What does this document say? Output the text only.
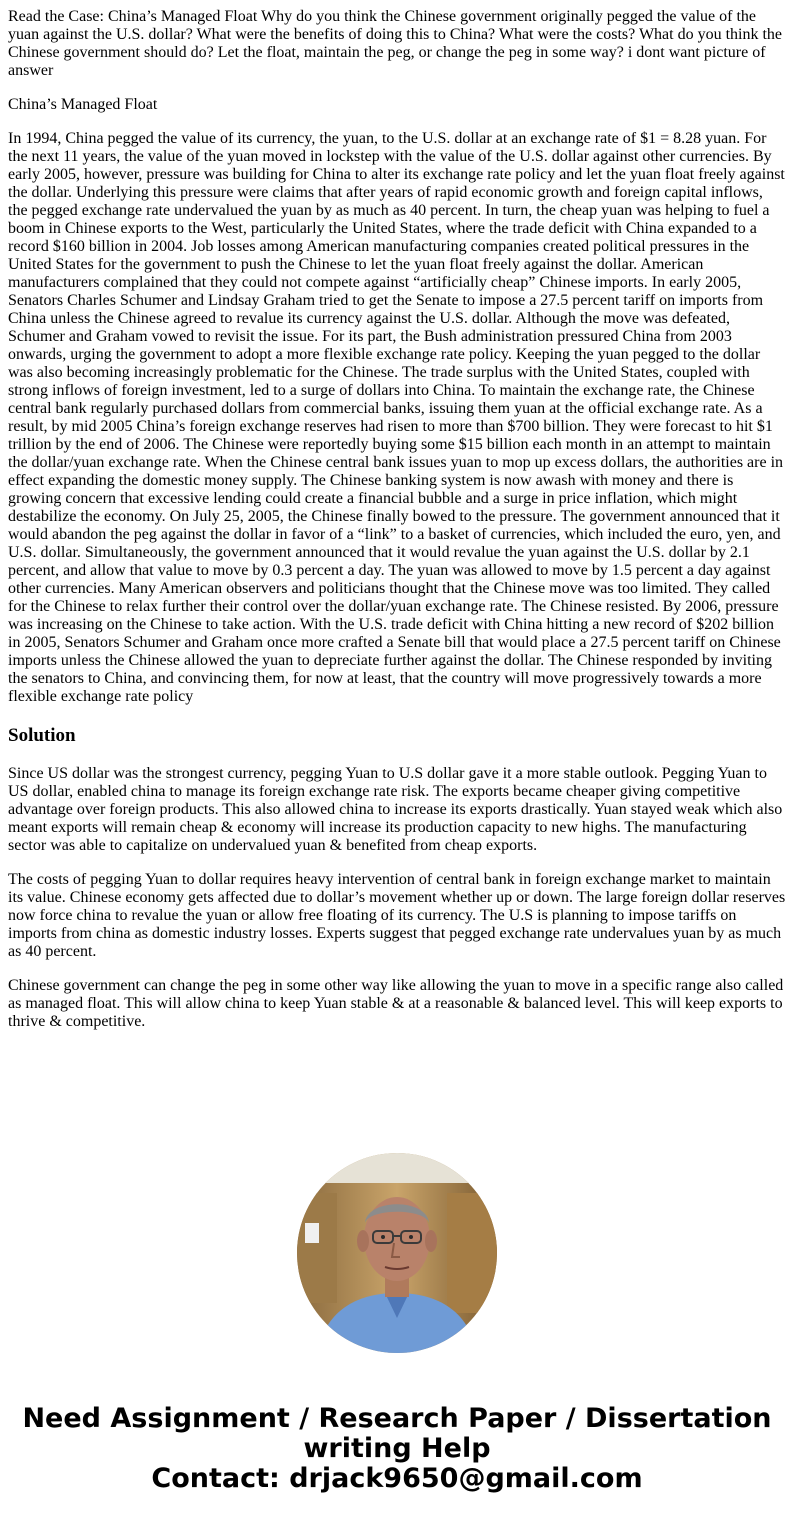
Read the Case: China’s Managed Float Why do you think the Chinese government originally pegged the value of the yuan against the U.S. dollar? What were the benefits of doing this to China? What were the costs? What do you think the Chinese government should do? Let the float, maintain the peg, or change the peg in some way? i dont want picture of answer

China’s Managed Float

In 1994, China pegged the value of its currency, the yuan, to the U.S. dollar at an exchange rate of $1 = 8.28 yuan. For the next 11 years, the value of the yuan moved in lockstep with the value of the U.S. dollar against other currencies. By early 2005, however, pressure was building for China to alter its exchange rate policy and let the yuan float freely against the dollar. Underlying this pressure were claims that after years of rapid economic growth and foreign capital inflows, the pegged exchange rate undervalued the yuan by as much as 40 percent. In turn, the cheap yuan was helping to fuel a boom in Chinese exports to the West, particularly the United States, where the trade deficit with China expanded to a record $160 billion in 2004. Job losses among American manufacturing companies created political pressures in the United States for the government to push the Chinese to let the yuan float freely against the dollar. American manufacturers complained that they could not compete against “artificially cheap” Chinese imports. In early 2005, Senators Charles Schumer and Lindsay Graham tried to get the Senate to impose a 27.5 percent tariff on imports from China unless the Chinese agreed to revalue its currency against the U.S. dollar. Although the move was defeated, Schumer and Graham vowed to revisit the issue. For its part, the Bush administration pressured China from 2003 onwards, urging the government to adopt a more flexible exchange rate policy. Keeping the yuan pegged to the dollar was also becoming increasingly problematic for the Chinese. The trade surplus with the United States, coupled with strong inflows of foreign investment, led to a surge of dollars into China. To maintain the exchange rate, the Chinese central bank regularly purchased dollars from commercial banks, issuing them yuan at the official exchange rate. As a result, by mid 2005 China’s foreign exchange reserves had risen to more than $700 billion. They were forecast to hit $1 trillion by the end of 2006. The Chinese were reportedly buying some $15 billion each month in an attempt to maintain the dollar/yuan exchange rate. When the Chinese central bank issues yuan to mop up excess dollars, the authorities are in effect expanding the domestic money supply. The Chinese banking system is now awash with money and there is growing concern that excessive lending could create a financial bubble and a surge in price inflation, which might destabilize the economy. On July 25, 2005, the Chinese finally bowed to the pressure. The government announced that it would abandon the peg against the dollar in favor of a “link” to a basket of currencies, which included the euro, yen, and U.S. dollar. Simultaneously, the government announced that it would revalue the yuan against the U.S. dollar by 2.1 percent, and allow that value to move by 0.3 percent a day. The yuan was allowed to move by 1.5 percent a day against other currencies. Many American observers and politicians thought that the Chinese move was too limited. They called for the Chinese to relax further their control over the dollar/yuan exchange rate. The Chinese resisted. By 2006, pressure was increasing on the Chinese to take action. With the U.S. trade deficit with China hitting a new record of $202 billion in 2005, Senators Schumer and Graham once more crafted a Senate bill that would place a 27.5 percent tariff on Chinese imports unless the Chinese allowed the yuan to depreciate further against the dollar. The Chinese responded by inviting the senators to China, and convincing them, for now at least, that the country will move progressively towards a more flexible exchange rate policy

Solution

Since US dollar was the strongest currency, pegging Yuan to U.S dollar gave it a more stable outlook. Pegging Yuan to US dollar, enabled china to manage its foreign exchange rate risk. The exports became cheaper giving competitive advantage over foreign products. This also allowed china to increase its exports drastically. Yuan stayed weak which also meant exports will remain cheap & economy will increase its production capacity to new highs. The manufacturing sector was able to capitalize on undervalued yuan & benefited from cheap exports.

The costs of pegging Yuan to dollar requires heavy intervention of central bank in foreign exchange market to maintain its value. Chinese economy gets affected due to dollar’s movement whether up or down. The large foreign dollar reserves now force china to revalue the yuan or allow free floating of its currency. The U.S is planning to impose tariffs on imports from china as domestic industry losses. Experts suggest that pegged exchange rate undervalues yuan by as much as 40 percent.

Chinese government can change the peg in some other way like allowing the yuan to move in a specific range also called as managed float. This will allow china to keep Yuan stable & at a reasonable & balanced level. This will keep exports to thrive & competitive.

Need Assignment / Research Paper / Dissertation
writing Help
Contact: drjack9650@gmail.com
